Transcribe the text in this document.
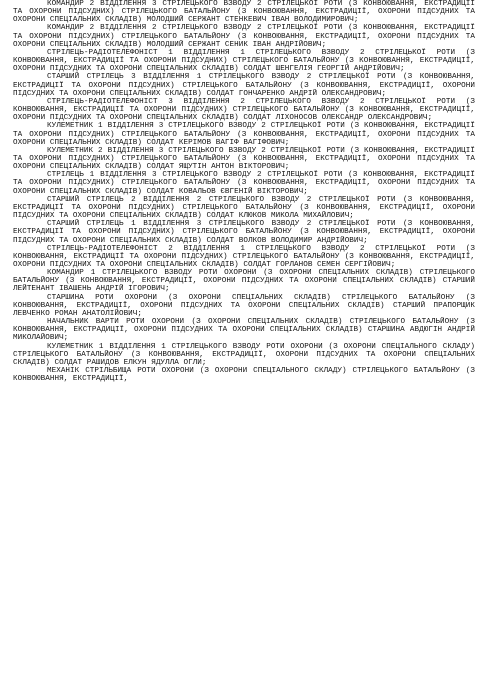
КОМАНДИР 2 ВІДДІЛЕННЯ 3 СТРІЛЕЦЬКОГО ВЗВОДУ 2 СТРІЛЕЦЬКОЇ РОТИ (З КОНВОЮВАННЯ, ЕКСТРАДИЦІЇ ТА ОХОРОНИ ПІДСУДНИХ) СТРІЛЕЦЬКОГО БАТАЛЬЙОНУ (З КОНВОЮВАННЯ, ЕКСТРАДИЦІЇ, ОХОРОНИ ПІДСУДНИХ ТА ОХОРОНИ СПЕЦІАЛЬНИХ СКЛАДІВ) МОЛОДШИЙ СЕРЖАНТ СТЕНКЕВИЧ ІВАН ВОЛОДИМИРОВИЧ;

КОМАНДИР 2 ВІДДІЛЕННЯ 2 СТРІЛЕЦЬКОГО ВЗВОДУ 2 СТРІЛЕЦЬКОЇ РОТИ (З КОНВОЮВАННЯ, ЕКСТРАДИЦІЇ ТА ОХОРОНИ ПІДСУДНИХ) СТРІЛЕЦЬКОГО БАТАЛЬЙОНУ (З КОНВОЮВАННЯ, ЕКСТРАДИЦІЇ, ОХОРОНИ ПІДСУДНИХ ТА ОХОРОНИ СПЕЦІАЛЬНИХ СКЛАДІВ) МОЛОДШИЙ СЕРЖАНТ СЕНИК ІВАН АНДРІЙОВИЧ;

СТРІЛЕЦЬ-РАДІОТЕЛЕФОНІСТ 1 ВІДДІЛЕННЯ 1 СТРІЛЕЦЬКОГО ВЗВОДУ 2 СТРІЛЕЦЬКОЇ РОТИ (З КОНВОЮВАННЯ, ЕКСТРАДИЦІЇ ТА ОХОРОНИ ПІДСУДНИХ) СТРІЛЕЦЬКОГО БАТАЛЬЙОНУ (З КОНВОЮВАННЯ, ЕКСТРАДИЦІЇ, ОХОРОНИ ПІДСУДНИХ ТА ОХОРОНИ СПЕЦІАЛЬНИХ СКЛАДІВ) СОЛДАТ ШЕНГЕЛІЯ ГЕОРГІЙ АНДРІЙОВИЧ;

СТАРШИЙ СТРІЛЕЦЬ 3 ВІДДІЛЕННЯ 1 СТРІЛЕЦЬКОГО ВЗВОДУ 2 СТРІЛЕЦЬКОЇ РОТИ (З КОНВОЮВАННЯ, ЕКСТРАДИЦІЇ ТА ОХОРОНИ ПІДСУДНИХ) СТРІЛЕЦЬКОГО БАТАЛЬЙОНУ (З КОНВОЮВАННЯ, ЕКСТРАДИЦІЇ, ОХОРОНИ ПІДСУДНИХ ТА ОХОРОНИ СПЕЦІАЛЬНИХ СКЛАДІВ) СОЛДАТ ГОНЧАРЕНКО АНДРІЙ ОЛЕКСАНДРОВИЧ;

СТРІЛЕЦЬ-РАДІОТЕЛЕФОНІСТ 3 ВІДДІЛЕННЯ 2 СТРІЛЕЦЬКОГО ВЗВОДУ 2 СТРІЛЕЦЬКОЇ РОТИ (З КОНВОЮВАННЯ, ЕКСТРАДИЦІЇ ТА ОХОРОНИ ПІДСУДНИХ) СТРІЛЕЦЬКОГО БАТАЛЬЙОНУ (З КОНВОЮВАННЯ, ЕКСТРАДИЦІЇ, ОХОРОНИ ПІДСУДНИХ ТА ОХОРОНИ СПЕЦІАЛЬНИХ СКЛАДІВ) СОЛДАТ ЛІХОНОСОВ ОЛЕКСАНДР ОЛЕКСАНДРОВИЧ;

КУЛЕМЕТНИК 1 ВІДДІЛЕННЯ 3 СТРІЛЕЦЬКОГО ВЗВОДУ 2 СТРІЛЕЦЬКОЇ РОТИ (З КОНВОЮВАННЯ, ЕКСТРАДИЦІЇ ТА ОХОРОНИ ПІДСУДНИХ) СТРІЛЕЦЬКОГО БАТАЛЬЙОНУ (З КОНВОЮВАННЯ, ЕКСТРАДИЦІЇ, ОХОРОНИ ПІДСУДНИХ ТА ОХОРОНИ СПЕЦІАЛЬНИХ СКЛАДІВ) СОЛДАТ КЕРІМОВ ВАГІФ ВАГІФОВИЧ;

КУЛЕМЕТНИК 2 ВІДДІЛЕННЯ 3 СТРІЛЕЦЬКОГО ВЗВОДУ 2 СТРІЛЕЦЬКОЇ РОТИ (З КОНВОЮВАННЯ, ЕКСТРАДИЦІЇ ТА ОХОРОНИ ПІДСУДНИХ) СТРІЛЕЦЬКОГО БАТАЛЬЙОНУ (З КОНВОЮВАННЯ, ЕКСТРАДИЦІЇ, ОХОРОНИ ПІДСУДНИХ ТА ОХОРОНИ СПЕЦІАЛЬНИХ СКЛАДІВ) СОЛДАТ ЯЩУТІН АНТОН ВІКТОРОВИЧ;

СТРІЛЕЦЬ 1 ВІДДІЛЕННЯ 3 СТРІЛЕЦЬКОГО ВЗВОДУ 2 СТРІЛЕЦЬКОЇ РОТИ (З КОНВОЮВАННЯ, ЕКСТРАДИЦІЇ ТА ОХОРОНИ ПІДСУДНИХ) СТРІЛЕЦЬКОГО БАТАЛЬЙОНУ (З КОНВОЮВАННЯ, ЕКСТРАДИЦІЇ, ОХОРОНИ ПІДСУДНИХ ТА ОХОРОНИ СПЕЦІАЛЬНИХ СКЛАДІВ) СОЛДАТ КОВАЛЬОВ ЄВГЕНІЙ ВІКТОРОВИЧ;

СТАРШИЙ СТРІЛЕЦЬ 2 ВІДДІЛЕННЯ 2 СТРІЛЕЦЬКОГО ВЗВОДУ 2 СТРІЛЕЦЬКОЇ РОТИ (З КОНВОЮВАННЯ, ЕКСТРАДИЦІЇ ТА ОХОРОНИ ПІДСУДНИХ) СТРІЛЕЦЬКОГО БАТАЛЬЙОНУ (З КОНВОЮВАННЯ, ЕКСТРАДИЦІЇ, ОХОРОНИ ПІДСУДНИХ ТА ОХОРОНИ СПЕЦІАЛЬНИХ СКЛАДІВ) СОЛДАТ КЛЮКОВ МИКОЛА МИХАЙЛОВИЧ;

СТАРШИЙ СТРІЛЕЦЬ 1 ВІДДІЛЕННЯ 3 СТРІЛЕЦЬКОГО ВЗВОДУ 2 СТРІЛЕЦЬКОЇ РОТИ (З КОНВОЮВАННЯ, ЕКСТРАДИЦІЇ ТА ОХОРОНИ ПІДСУДНИХ) СТРІЛЕЦЬКОГО БАТАЛЬЙОНУ (З КОНВОЮВАННЯ, ЕКСТРАДИЦІЇ, ОХОРОНИ ПІДСУДНИХ ТА ОХОРОНИ СПЕЦІАЛЬНИХ СКЛАДІВ) СОЛДАТ ВОЛКОВ ВОЛОДИМИР АНДРІЙОВИЧ;

СТРІЛЕЦЬ-РАДІОТЕЛЕФОНІСТ 2 ВІДДІЛЕННЯ 1 СТРІЛЕЦЬКОГО ВЗВОДУ 2 СТРІЛЕЦЬКОЇ РОТИ (З КОНВОЮВАННЯ, ЕКСТРАДИЦІЇ ТА ОХОРОНИ ПІДСУДНИХ) СТРІЛЕЦЬКОГО БАТАЛЬЙОНУ (З КОНВОЮВАННЯ, ЕКСТРАДИЦІЇ, ОХОРОНИ ПІДСУДНИХ ТА ОХОРОНИ СПЕЦІАЛЬНИХ СКЛАДІВ) СОЛДАТ ГОРЛАНОВ СЕМЕН СЕРГІЙОВИЧ;

КОМАНДИР 1 СТРІЛЕЦЬКОГО ВЗВОДУ РОТИ ОХОРОНИ (З ОХОРОНИ СПЕЦІАЛЬНИХ СКЛАДІВ) СТРІЛЕЦЬКОГО БАТАЛЬЙОНУ (З КОНВОЮВАННЯ, ЕКСТРАДИЦІЇ, ОХОРОНИ ПІДСУДНИХ ТА ОХОРОНИ СПЕЦІАЛЬНИХ СКЛАДІВ) СТАРШИЙ ЛЕЙТЕНАНТ ІВАШЕНЬ АНДРІЙ ІГОРОВИЧ;

СТАРШИНА РОТИ ОХОРОНИ (З ОХОРОНИ СПЕЦІАЛЬНИХ СКЛАДІВ) СТРІЛЕЦЬКОГО БАТАЛЬЙОНУ (З КОНВОЮВАННЯ, ЕКСТРАДИЦІЇ, ОХОРОНИ ПІДСУДНИХ ТА ОХОРОНИ СПЕЦІАЛЬНИХ СКЛАДІВ) СТАРШИЙ ПРАПОРЩИК ЛЕВЧЕНКО РОМАН АНАТОЛІЙОВИЧ;

НАЧАЛЬНИК ВАРТИ РОТИ ОХОРОНИ (З ОХОРОНИ СПЕЦІАЛЬНИХ СКЛАДІВ) СТРІЛЕЦЬКОГО БАТАЛЬЙОНУ (З КОНВОЮВАННЯ, ЕКСТРАДИЦІЇ, ОХОРОНИ ПІДСУДНИХ ТА ОХОРОНИ СПЕЦІАЛЬНИХ СКЛАДІВ) СТАРШИНА АВДЮГІН АНДРІЙ МИКОЛАЙОВИЧ;

КУЛЕМЕТНИК 1 ВІДДІЛЕННЯ 1 СТРІЛЕЦЬКОГО ВЗВОДУ РОТИ ОХОРОНИ (З ОХОРОНИ СПЕЦІАЛЬНОГО СКЛАДУ) СТРІЛЕЦЬКОГО БАТАЛЬЙОНУ (З КОНВОЮВАННЯ, ЕКСТРАДИЦІЇ, ОХОРОНИ ПІДСУДНИХ ТА ОХОРОНИ СПЕЦІАЛЬНИХ СКЛАДІВ) СОЛДАТ РАШИДОВ ЕЛКУН ЯДУЛЛА ОГЛИ;

МЕХАНІК СТРІЛЬБИЩА РОТИ ОХОРОНИ (З ОХОРОНИ СПЕЦІАЛЬНОГО СКЛАДУ) СТРІЛЕЦЬКОГО БАТАЛЬЙОНУ (З КОНВОЮВАННЯ, ЕКСТРАДИЦІЇ,
